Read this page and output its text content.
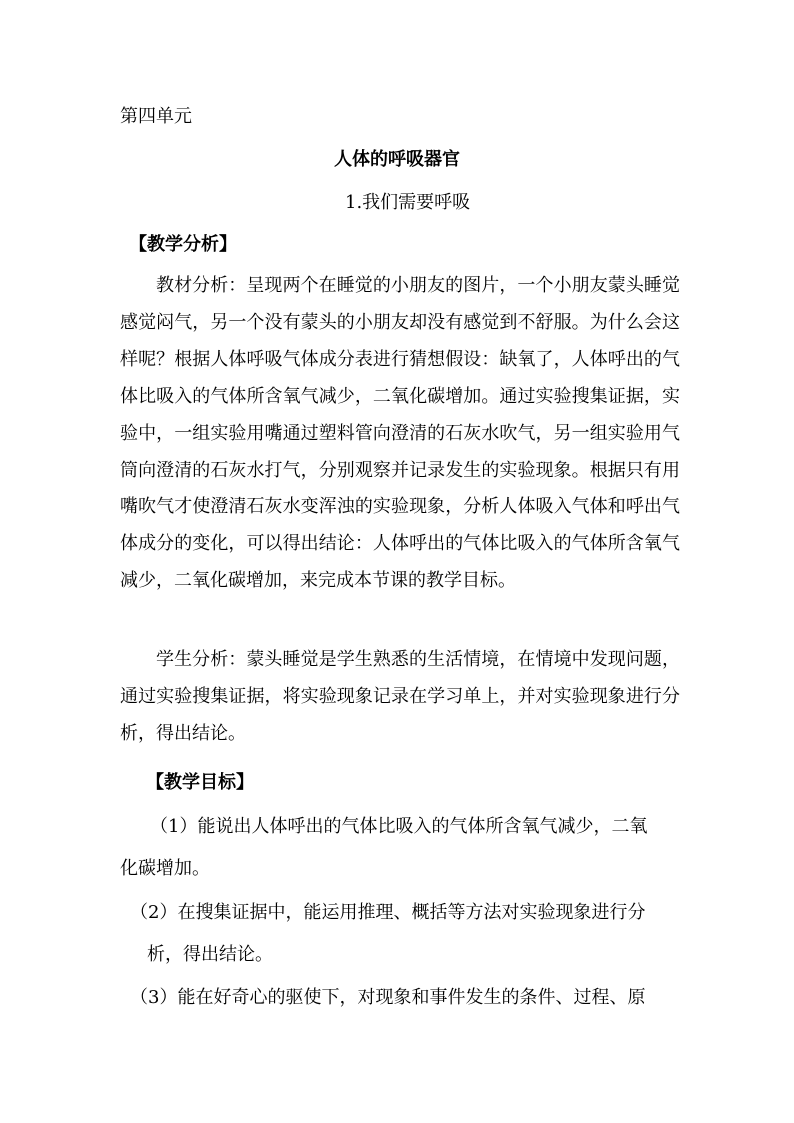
第四单元
人体的呼吸器官
1.我们需要呼吸
【教学分析】
教材分析：呈现两个在睡觉的小朋友的图片，一个小朋友蒙头睡觉感觉闷气，另一个没有蒙头的小朋友却没有感觉到不舒服。为什么会这样呢？根据人体呼吸气体成分表进行猜想假设：缺氧了，人体呼出的气体比吸入的气体所含氧气减少，二氧化碳增加。通过实验搜集证据，实验中，一组实验用嘴通过塑料管向澄清的石灰水吹气，另一组实验用气筒向澄清的石灰水打气，分别观察并记录发生的实验现象。根据只有用嘴吹气才使澄清石灰水变浑浊的实验现象，分析人体吸入气体和呼出气体成分的变化，可以得出结论：人体呼出的气体比吸入的气体所含氧气减少，二氧化碳增加，来完成本节课的教学目标。
学生分析：蒙头睡觉是学生熟悉的生活情境，在情境中发现问题，通过实验搜集证据，将实验现象记录在学习单上，并对实验现象进行分析，得出结论。
【教学目标】
（1）能说出人体呼出的气体比吸入的气体所含氧气减少，二氧
化碳增加。
（2）在搜集证据中，能运用推理、概括等方法对实验现象进行分
析，得出结论。
（3）能在好奇心的驱使下，对现象和事件发生的条件、过程、原
